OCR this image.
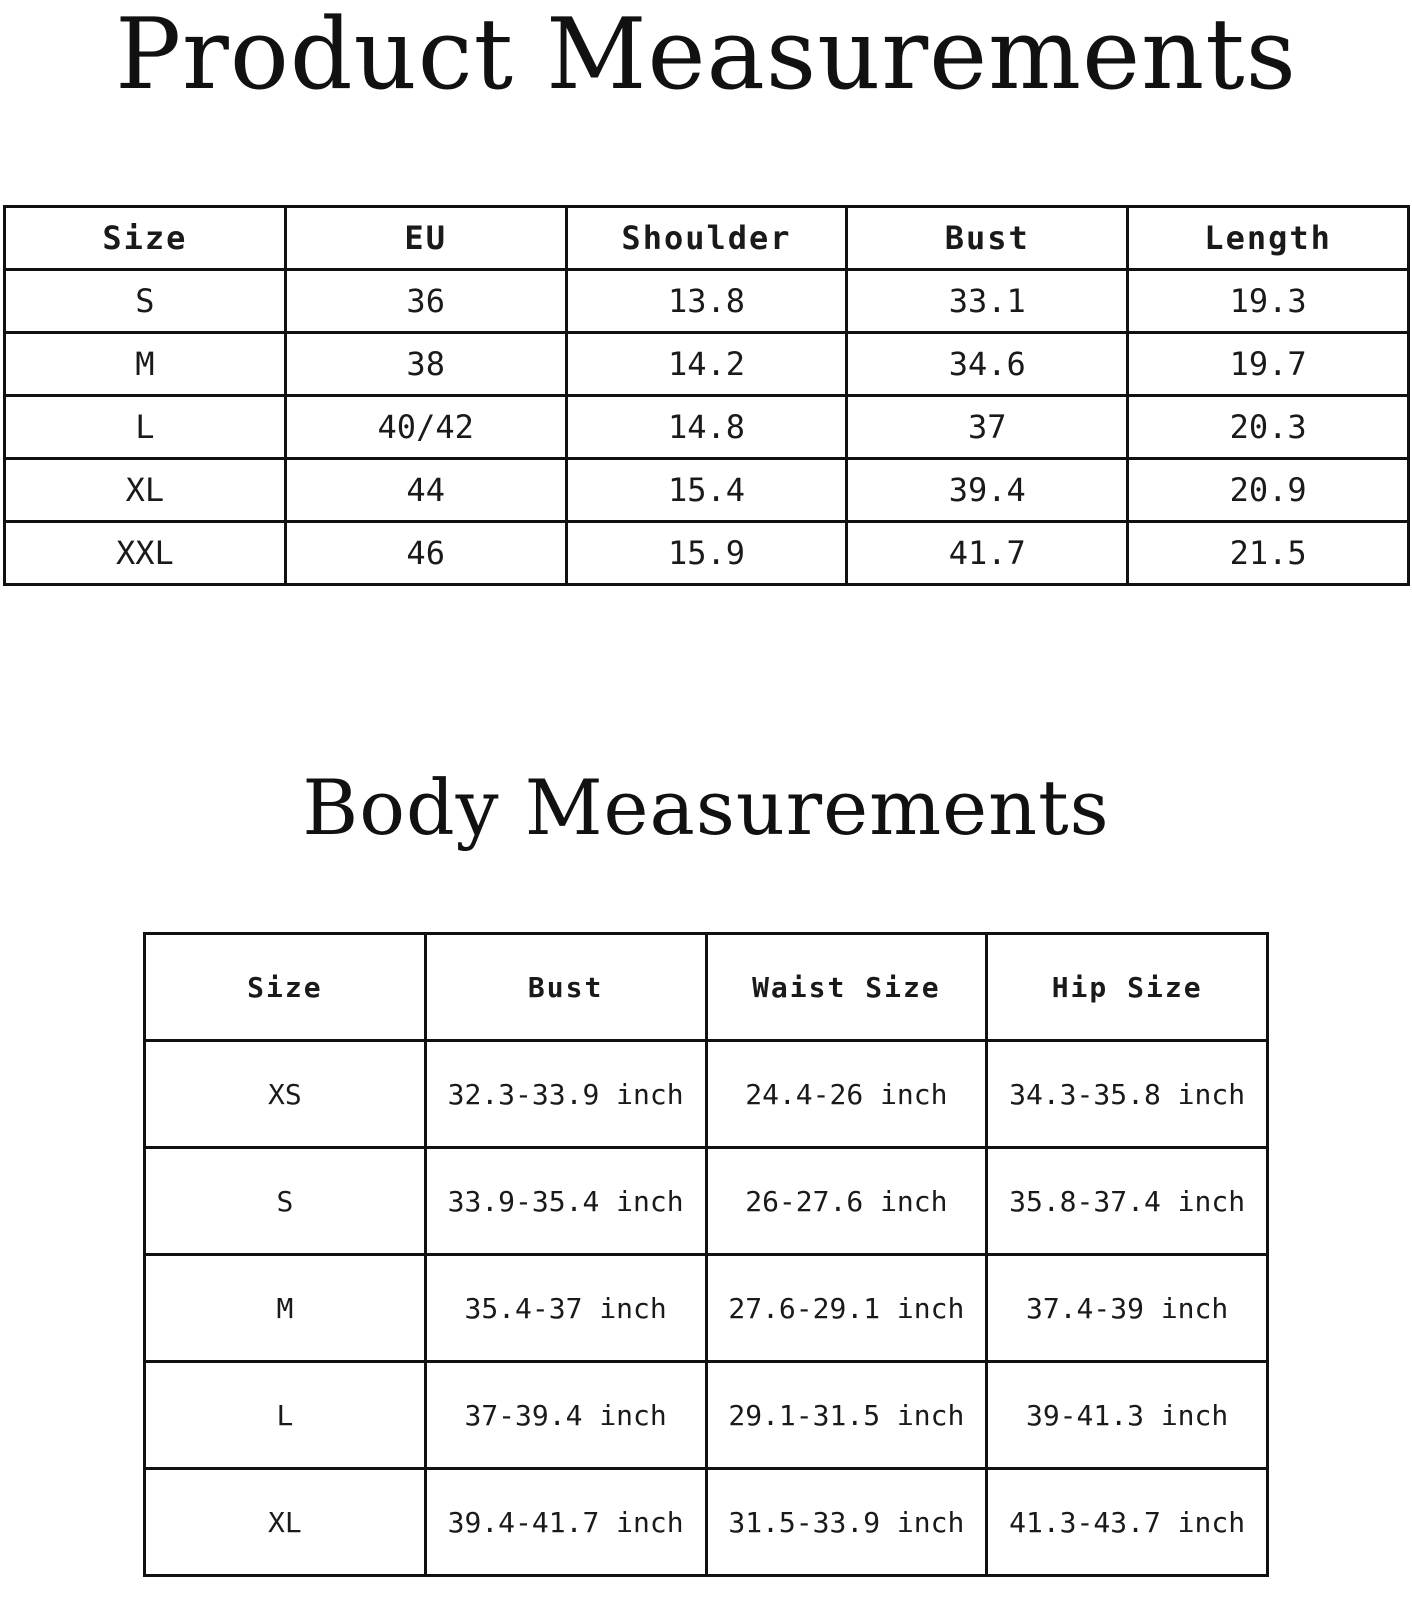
Product Measurements
Size	EU	Shoulder	Bust	Length
S	36	13.8	33.1	19.3
M	38	14.2	34.6	19.7
L	40/42	14.8	37	20.3
XL	44	15.4	39.4	20.9
XXL	46	15.9	41.7	21.5
Body Measurements
Size	Bust	Waist Size	Hip Size
XS	32.3-33.9 inch	24.4-26 inch	34.3-35.8 inch
S	33.9-35.4 inch	26-27.6 inch	35.8-37.4 inch
M	35.4-37 inch	27.6-29.1 inch	37.4-39 inch
L	37-39.4 inch	29.1-31.5 inch	39-41.3 inch
XL	39.4-41.7 inch	31.5-33.9 inch	41.3-43.7 inch
